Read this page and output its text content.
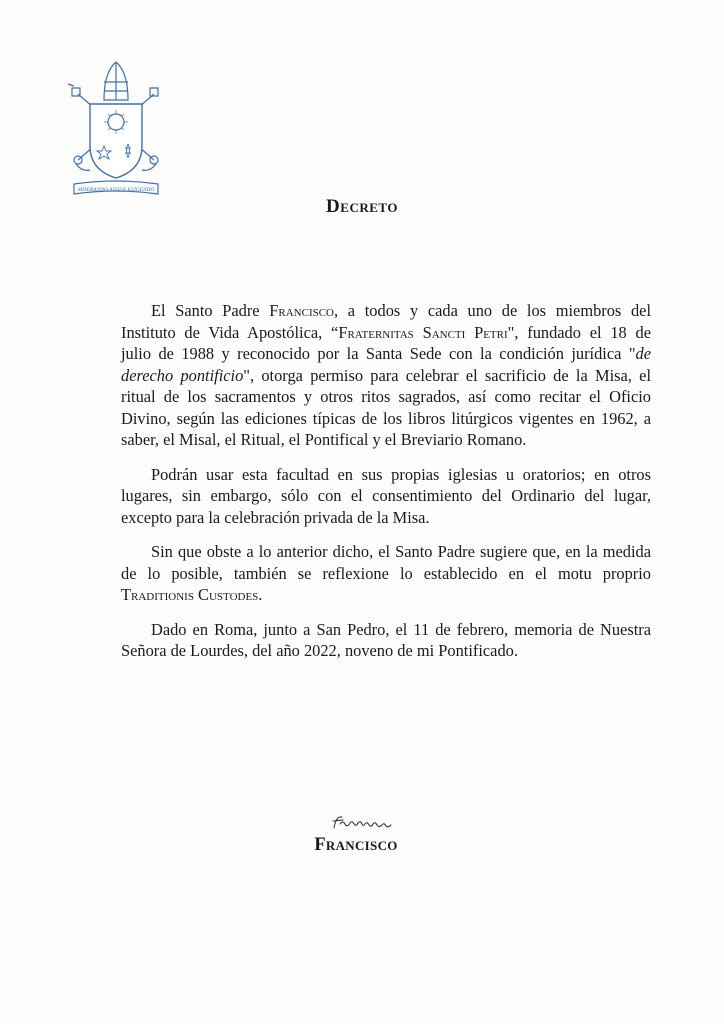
MISERANDO ATQUE ELIGENDO
Decreto

El Santo Padre Francisco, a todos y cada uno de los miembros del
Instituto de Vida Apostólica, “Fraternitas Sancti Petri", fundado el 18 de
julio de 1988 y reconocido por la Santa Sede con la condición jurídica "de
derecho pontificio", otorga permiso para celebrar el sacrificio de la Misa, el
ritual de los sacramentos y otros ritos sagrados, así como recitar el Oficio
Divino, según las ediciones típicas de los libros litúrgicos vigentes en 1962, a
saber, el Misal, el Ritual, el Pontifical y el Breviario Romano.

Podrán usar esta facultad en sus propias iglesias u oratorios; en otros
lugares, sin embargo, sólo con el consentimiento del Ordinario del lugar,
excepto para la celebración privada de la Misa.

Sin que obste a lo anterior dicho, el Santo Padre sugiere que, en la medida
de lo posible, también se reflexione lo establecido en el motu proprio
Traditionis Custodes.

Dado en Roma, junto a San Pedro, el 11 de febrero, memoria de Nuestra
Señora de Lourdes, del año 2022, noveno de mi Pontificado.

Francisco
